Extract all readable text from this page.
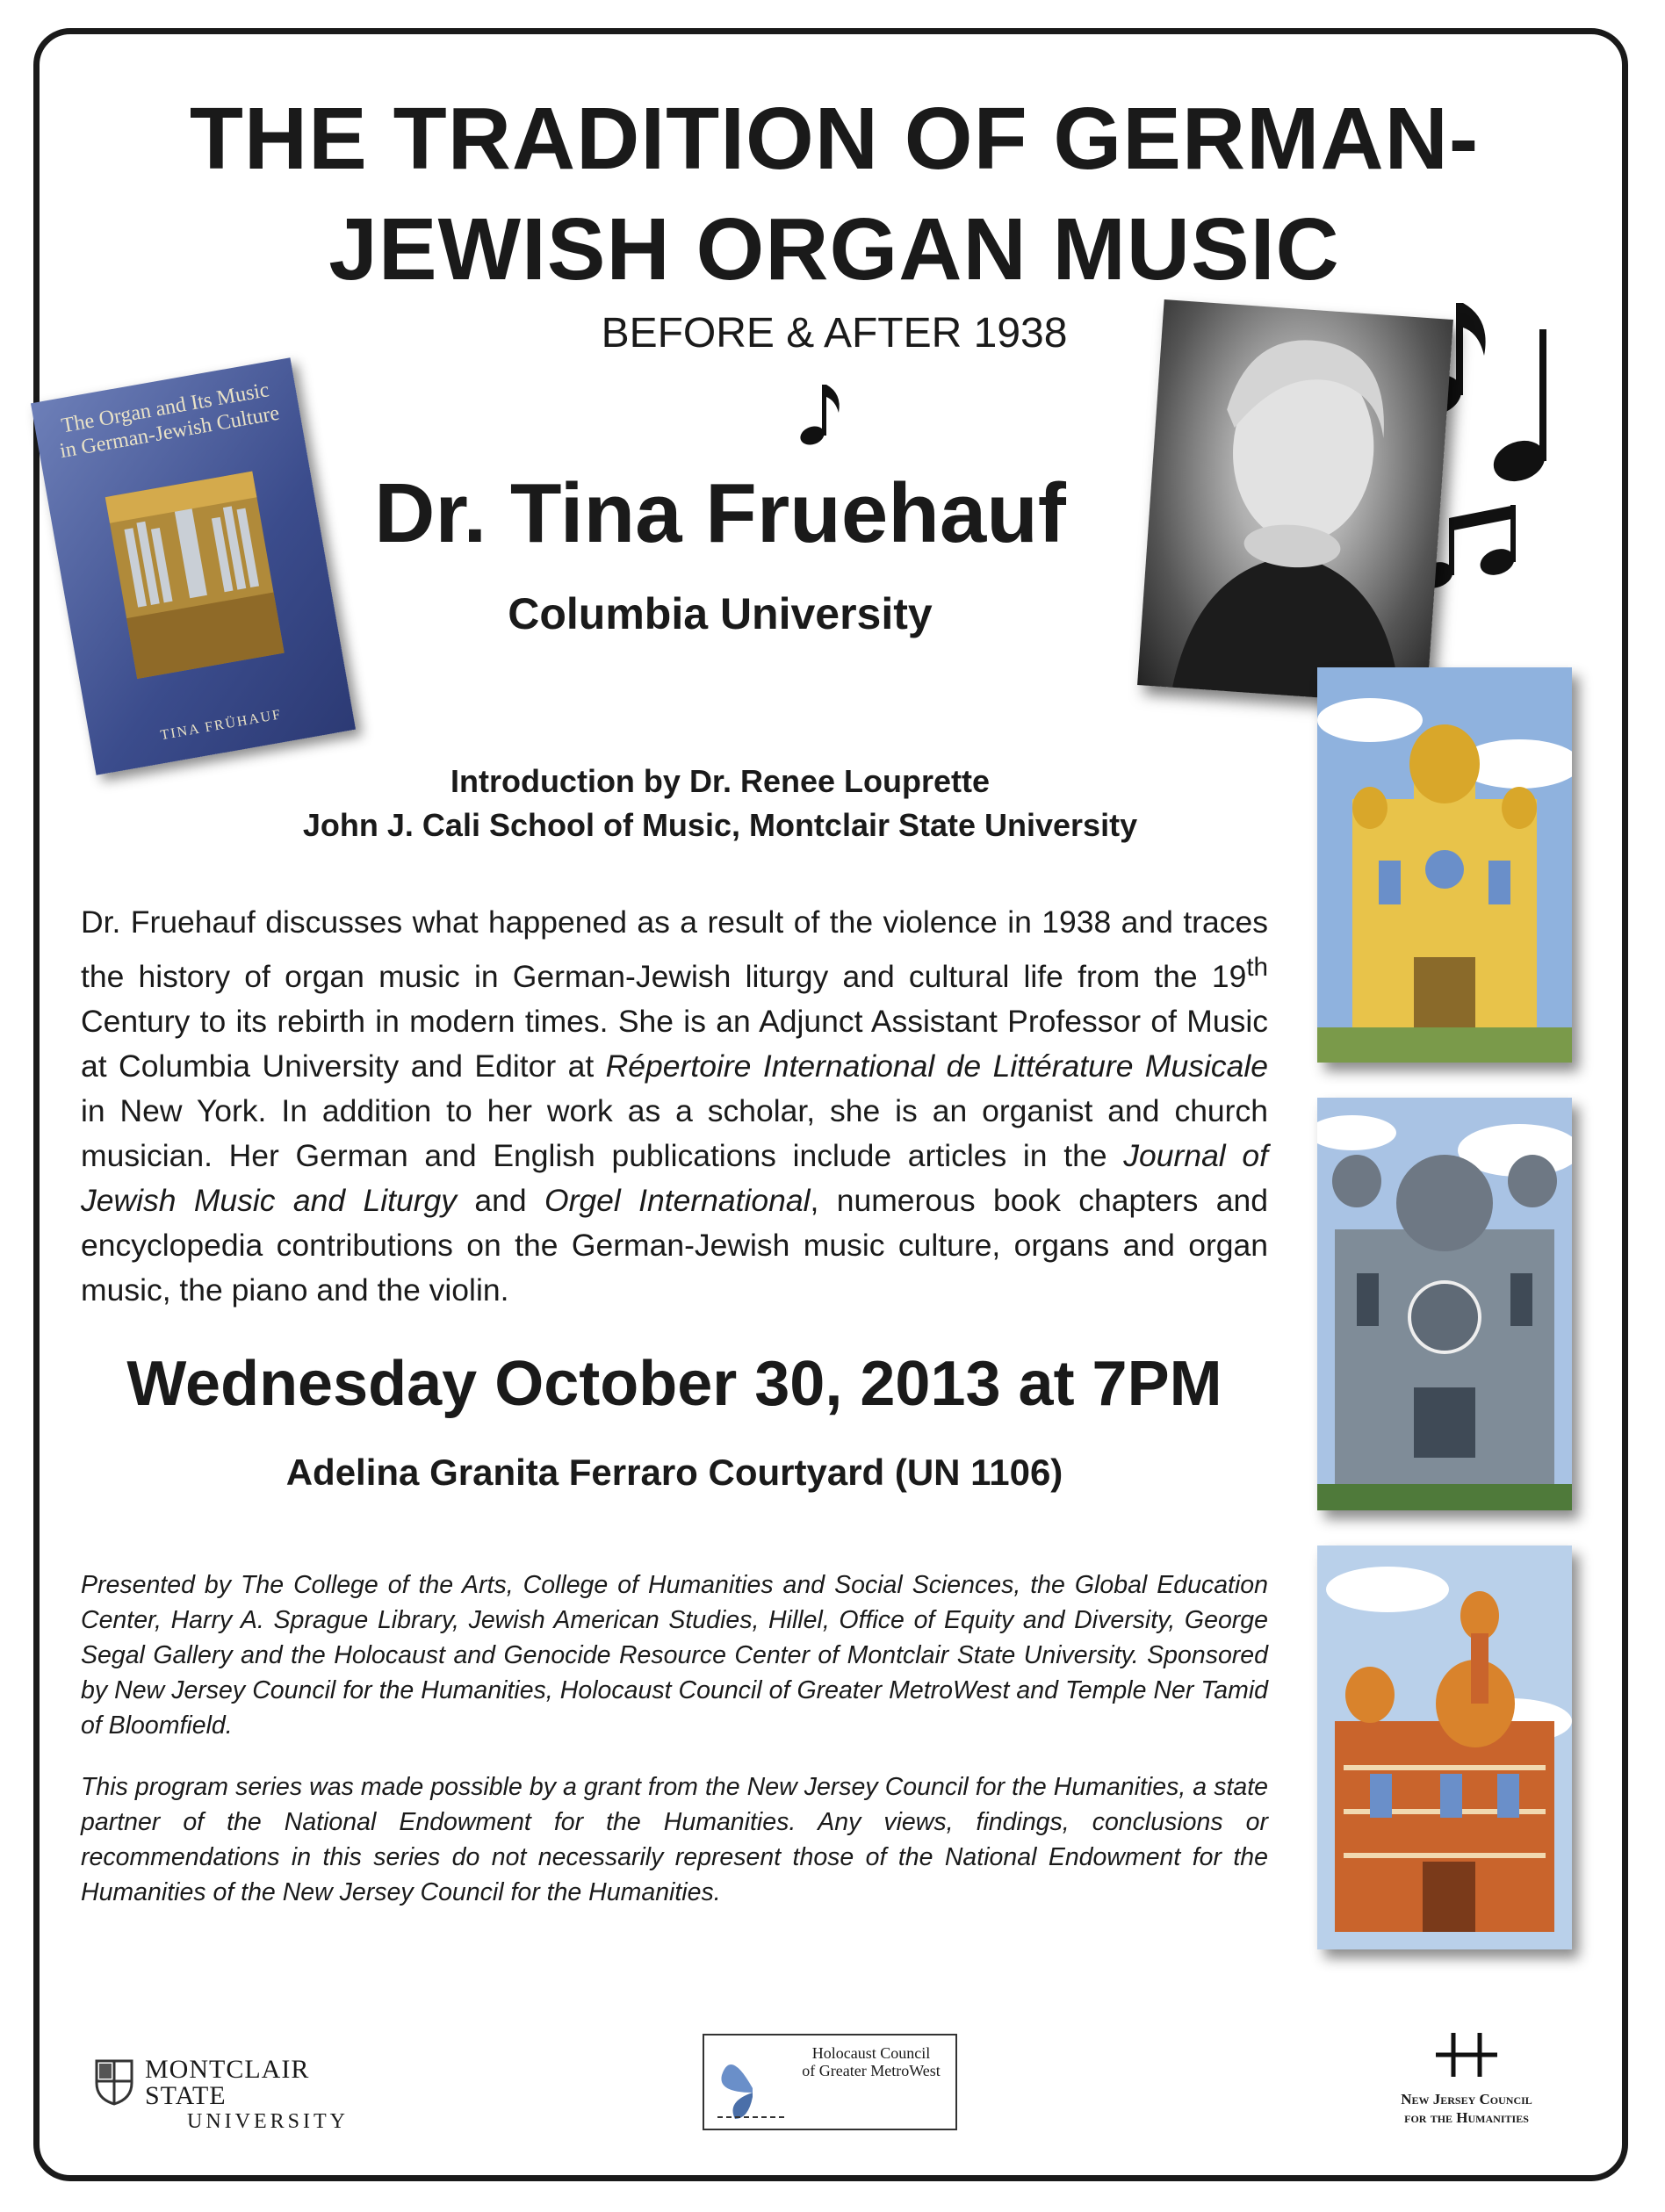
THE TRADITION OF GERMAN-
JEWISH ORGAN MUSIC
BEFORE & AFTER 1938
The Organ and Its Music in German-Jewish Culture
TINA FRÜHAUF
Dr. Tina Fruehauf
Columbia University
Introduction by Dr. Renee Louprette
John J. Cali School of Music, Montclair State University
Dr. Fruehauf discusses what happened as a result of the violence in 1938 and traces the history of organ music in German-Jewish liturgy and cultural life from the 19th Century to its rebirth in modern times. She is an Adjunct Assistant Professor of Music at Columbia University and Editor at Répertoire International de Littérature Musicale in New York. In addition to her work as a scholar, she is an organist and church musician. Her German and English publications include articles in the Journal of Jewish Music and Liturgy and Orgel International, numerous book chapters and encyclopedia contributions on the German-Jewish music culture, organs and organ music, the piano and the violin.
Wednesday October 30, 2013 at 7PM
Adelina Granita Ferraro Courtyard (UN 1106)
Presented by The College of the Arts, College of Humanities and Social Sciences, the Global Education Center, Harry A. Sprague Library, Jewish American Studies, Hillel, Office of Equity and Diversity, George Segal Gallery and the Holocaust and Genocide Resource Center of Montclair State University. Sponsored by New Jersey Council for the Humanities, Holocaust Council of Greater MetroWest and Temple Ner Tamid of Bloomfield.
This program series was made possible by a grant from the New Jersey Council for the Humanities, a state partner of the National Endowment for the Humanities. Any views, findings, conclusions or recommendations in this series do not necessarily represent those of the National Endowment for the Humanities of the New Jersey Council for the Humanities.
MONTCLAIR STATE
UNIVERSITY
Holocaust Council
of Greater MetroWest
New Jersey Council
for the Humanities
